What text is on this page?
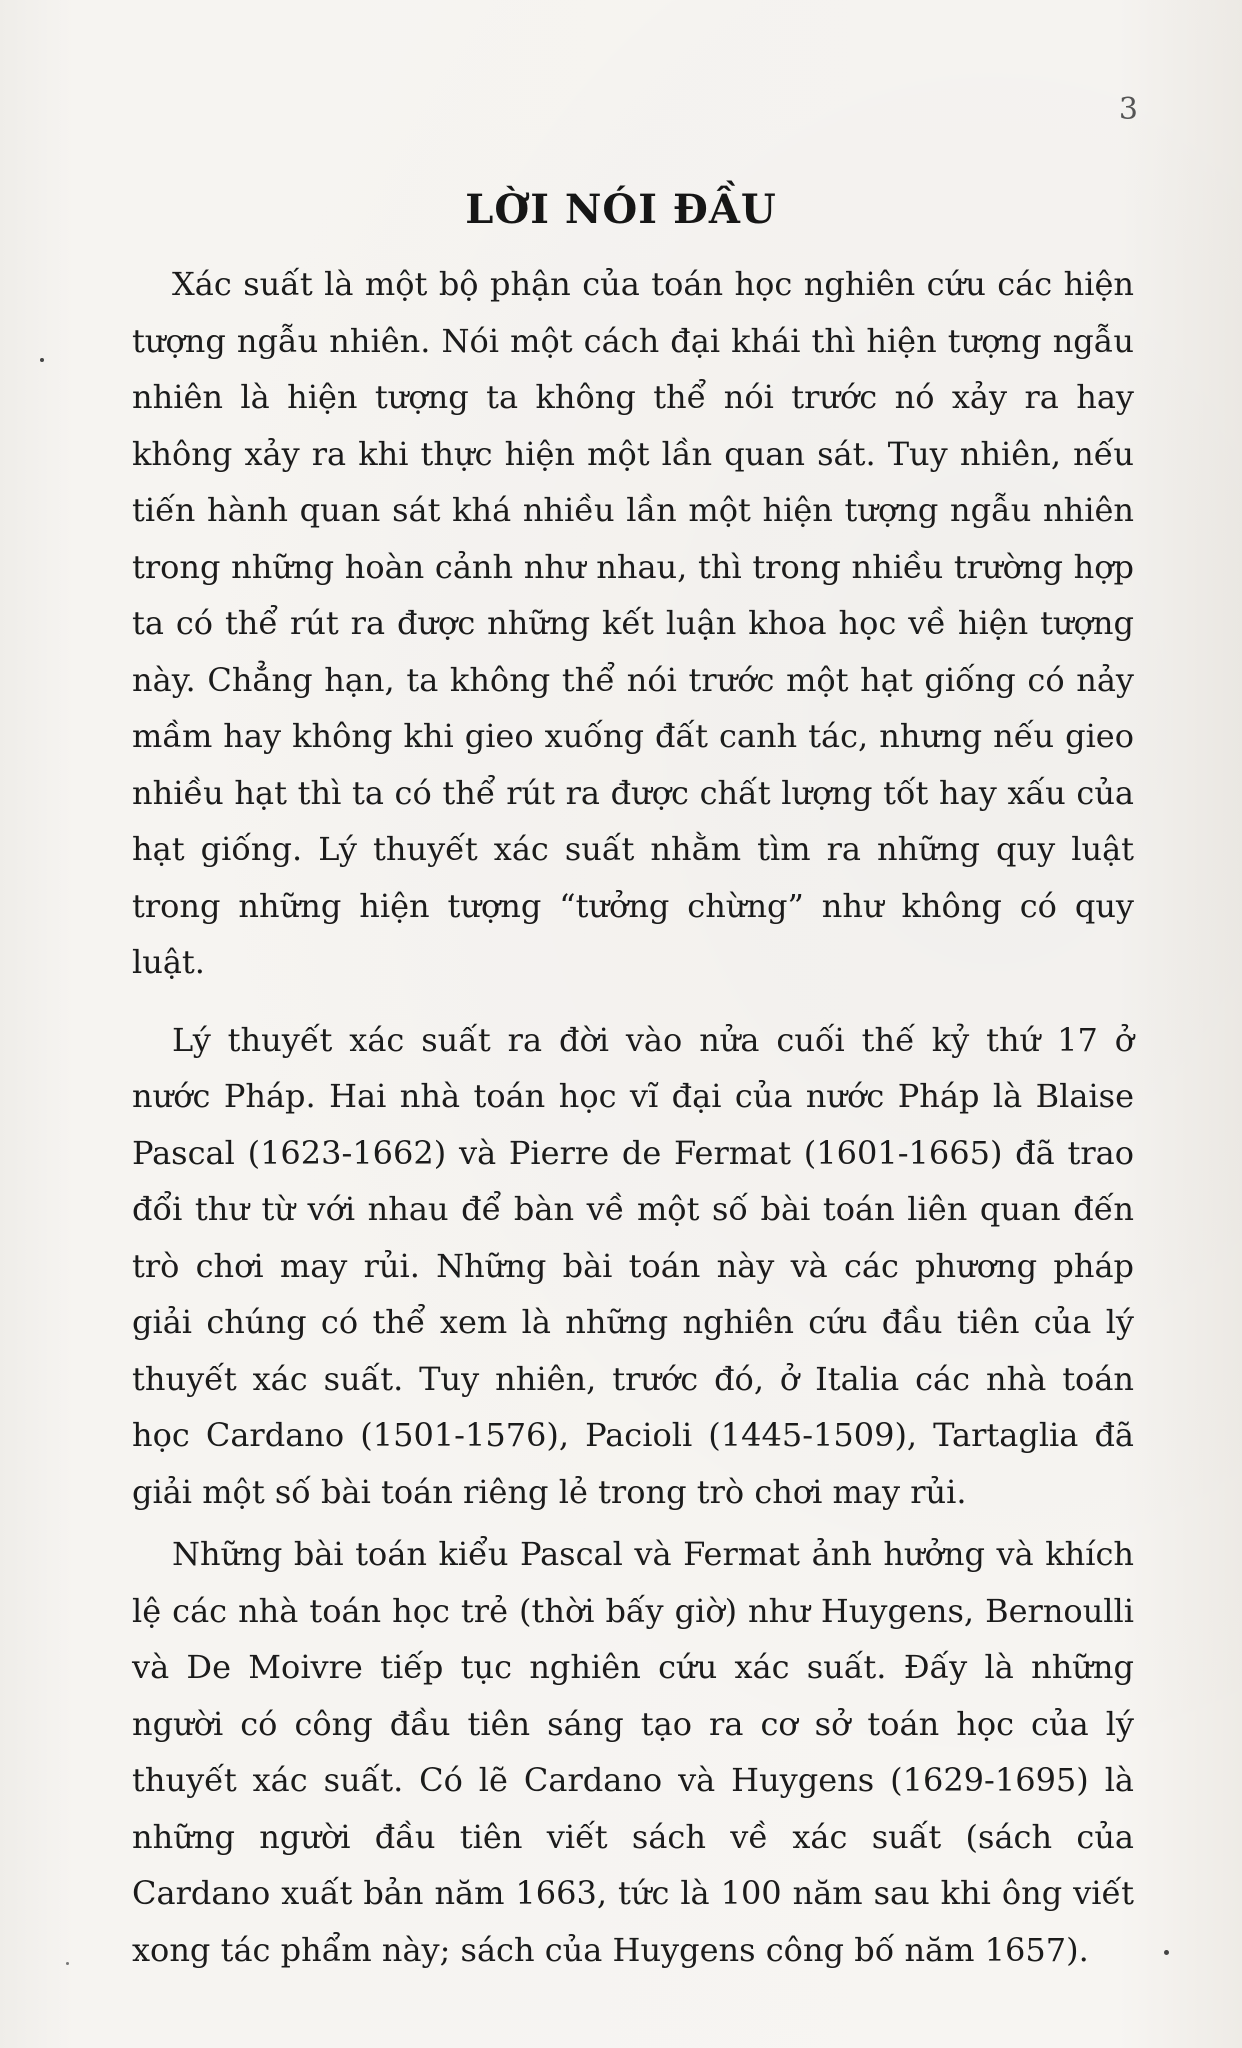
3
LỜI NÓI ĐẦU

Xác suất là một bộ phận của toán học nghiên cứu các hiện tượng ngẫu nhiên. Nói một cách đại khái thì hiện tượng ngẫu nhiên là hiện tượng ta không thể nói trước nó xảy ra hay không xảy ra khi thực hiện một lần quan sát. Tuy nhiên, nếu tiến hành quan sát khá nhiều lần một hiện tượng ngẫu nhiên trong những hoàn cảnh như nhau, thì trong nhiều trường hợp ta có thể rút ra được những kết luận khoa học về hiện tượng này. Chẳng hạn, ta không thể nói trước một hạt giống có nảy mầm hay không khi gieo xuống đất canh tác, nhưng nếu gieo nhiều hạt thì ta có thể rút ra được chất lượng tốt hay xấu của hạt giống. Lý thuyết xác suất nhằm tìm ra những quy luật trong những hiện tượng “tưởng chừng” như không có quy luật.

Lý thuyết xác suất ra đời vào nửa cuối thế kỷ thứ 17 ở nước Pháp. Hai nhà toán học vĩ đại của nước Pháp là Blaise Pascal (1623-1662) và Pierre de Fermat (1601-1665) đã trao đổi thư từ với nhau để bàn về một số bài toán liên quan đến trò chơi may rủi. Những bài toán này và các phương pháp giải chúng có thể xem là những nghiên cứu đầu tiên của lý thuyết xác suất. Tuy nhiên, trước đó, ở Italia các nhà toán học Cardano (1501-1576), Pacioli (1445-1509), Tartaglia đã giải một số bài toán riêng lẻ trong trò chơi may rủi.

Những bài toán kiểu Pascal và Fermat ảnh hưởng và khích lệ các nhà toán học trẻ (thời bấy giờ) như Huygens, Bernoulli và De Moivre tiếp tục nghiên cứu xác suất. Đấy là những người có công đầu tiên sáng tạo ra cơ sở toán học của lý thuyết xác suất. Có lẽ Cardano và Huygens (1629-1695) là những người đầu tiên viết sách về xác suất (sách của Cardano xuất bản năm 1663, tức là 100 năm sau khi ông viết xong tác phẩm này; sách của Huygens công bố năm 1657).
